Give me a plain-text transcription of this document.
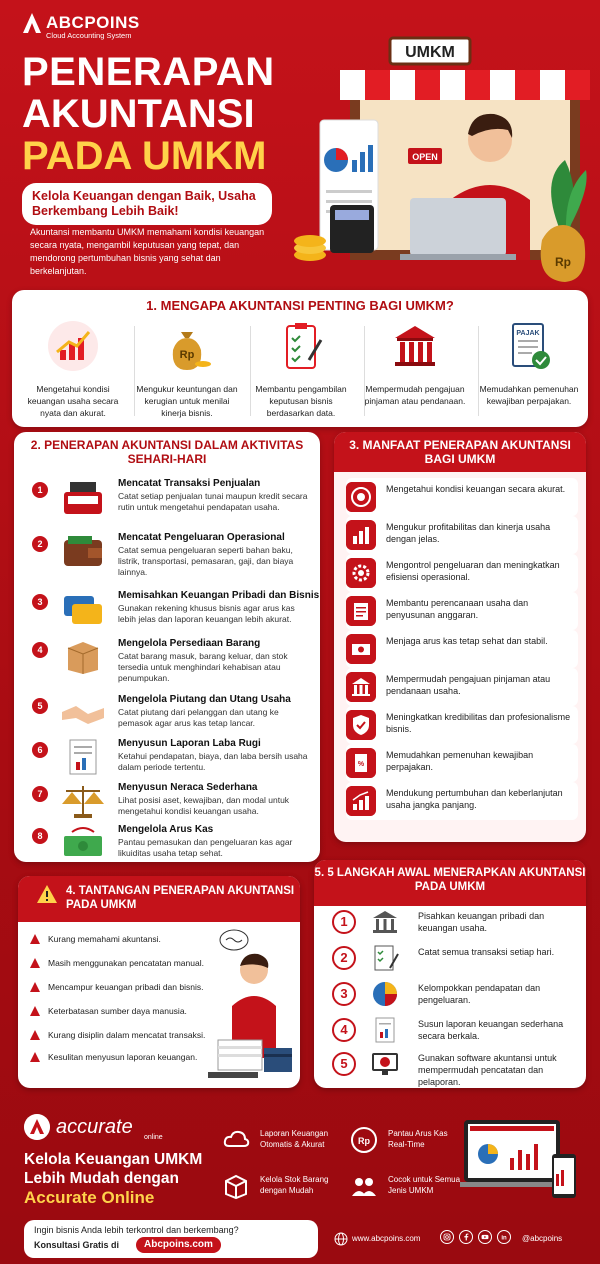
ABCPOINS
Cloud Accounting System
PENERAPAN
AKUNTANSI
PADA UMKM
Kelola Keuangan dengan Baik, Usaha Berkembang Lebih Baik!
Akuntansi membantu UMKM memahami kondisi keuangan secara nyata, mengambil keputusan yang tepat, dan mendorong pertumbuhan bisnis yang sehat dan berkelanjutan.
UMKM
OPEN
Rp
1. MENGAPA AKUNTANSI PENTING BAGI UMKM?
Mengetahui kondisi keuangan usaha secara nyata dan akurat.
Rp
Mengukur keuntungan dan kerugian untuk menilai kinerja bisnis.
Membantu pengambilan keputusan bisnis berdasarkan data.
Mempermudah pengajuan pinjaman atau pendanaan.
PAJAK
Memudahkan pemenuhan kewajiban perpajakan.
2. PENERAPAN AKUNTANSI DALAM AKTIVITAS SEHARI-HARI
1
Mencatat Transaksi Penjualan
Catat setiap penjualan tunai maupun kredit secara rutin untuk mengetahui pendapatan usaha.
2
Mencatat Pengeluaran Operasional
Catat semua pengeluaran seperti bahan baku, listrik, transportasi, pemasaran, gaji, dan biaya lainnya.
3
Memisahkan Keuangan Pribadi dan Bisnis
Gunakan rekening khusus bisnis agar arus kas lebih jelas dan laporan keuangan lebih akurat.
4
Mengelola Persediaan Barang
Catat barang masuk, barang keluar, dan stok tersedia untuk menghindari kehabisan atau penumpukan.
5
Mengelola Piutang dan Utang Usaha
Catat piutang dari pelanggan dan utang ke pemasok agar arus kas tetap lancar.
6
Menyusun Laporan Laba Rugi
Ketahui pendapatan, biaya, dan laba bersih usaha dalam periode tertentu.
7
Menyusun Neraca Sederhana
Lihat posisi aset, kewajiban, dan modal untuk mengetahui kondisi keuangan usaha.
8
Mengelola Arus Kas
Pantau pemasukan dan pengeluaran kas agar likuiditas usaha tetap sehat.
3. MANFAAT PENERAPAN AKUNTANSI BAGI UMKM
Mengetahui kondisi keuangan secara akurat.
Mengukur profitabilitas dan kinerja usaha dengan jelas.
Mengontrol pengeluaran dan meningkatkan efisiensi operasional.
Membantu perencanaan usaha dan penyusunan anggaran.
Menjaga arus kas tetap sehat dan stabil.
Mempermudah pengajuan pinjaman atau pendanaan usaha.
Meningkatkan kredibilitas dan profesionalisme bisnis.
%
Memudahkan pemenuhan kewajiban perpajakan.
Mendukung pertumbuhan dan keberlanjutan usaha jangka panjang.
4. TANTANGAN PENERAPAN AKUNTANSI PADA UMKM
Kurang memahami akuntansi.
Masih menggunakan pencatatan manual.
Mencampur keuangan pribadi dan bisnis.
Keterbatasan sumber daya manusia.
Kurang disiplin dalam mencatat transaksi.
Kesulitan menyusun laporan keuangan.
5. 5 LANGKAH AWAL MENERAPKAN AKUNTANSI PADA UMKM
1	Pisahkan keuangan pribadi dan keuangan usaha.
2	Catat semua transaksi setiap hari.
3	Kelompokkan pendapatan dan pengeluaran.
4	Susun laporan keuangan sederhana secara berkala.
5	Gunakan software akuntansi untuk mempermudah pencatatan dan pelaporan.
accurate online
Kelola Keuangan UMKM
Lebih Mudah dengan
Accurate Online
Laporan Keuangan Otomatis & Akurat	Rp
Pantau Arus Kas Real-Time
Kelola Stok Barang dengan Mudah
Cocok untuk Semua Jenis UMKM
Ingin bisnis Anda lebih terkontrol dan berkembang?
Konsultasi Gratis di	Abcpoins.com
www.abcpoins.com	in @abcpoins
